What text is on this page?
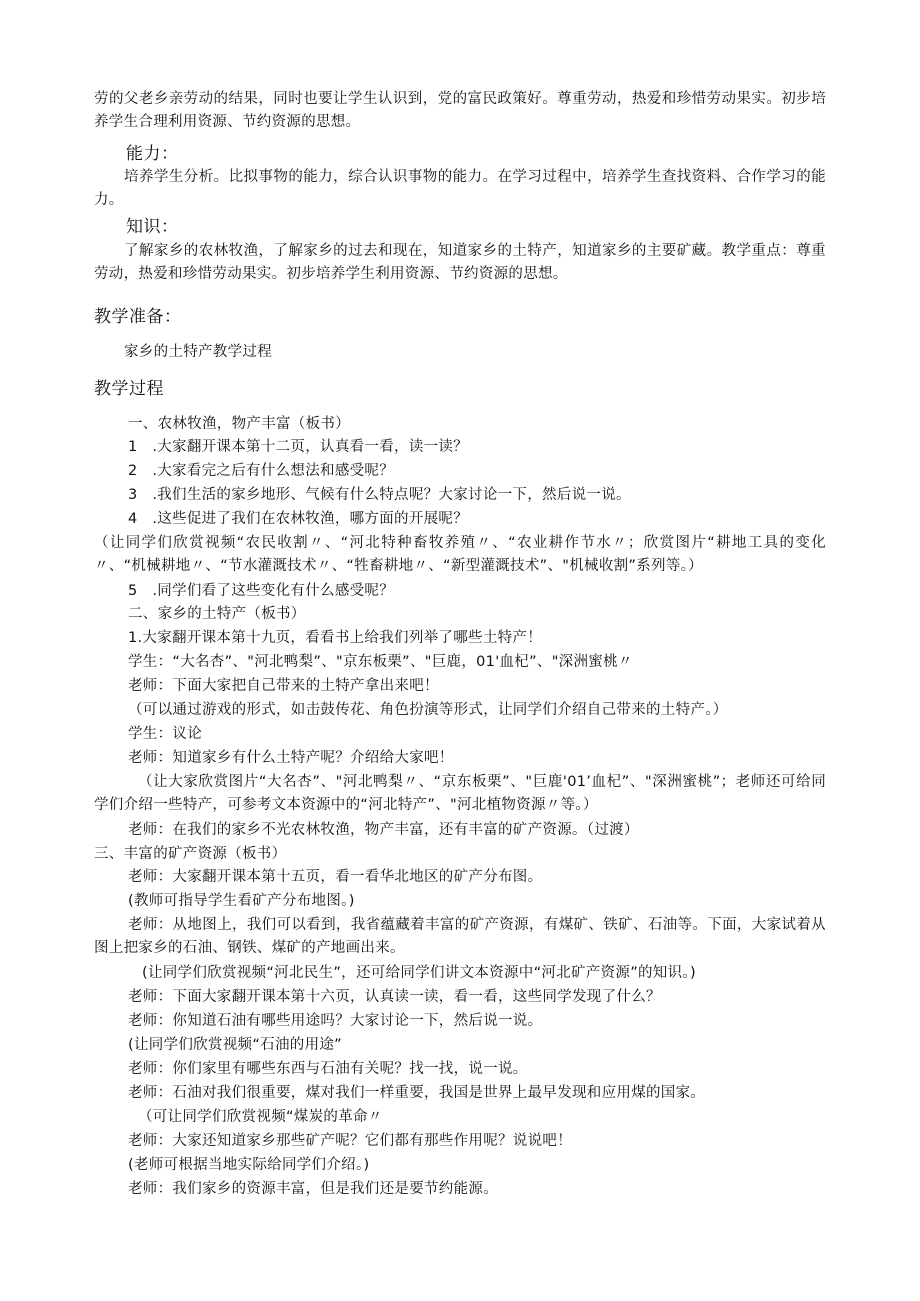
劳的父老乡亲劳动的结果，同时也要让学生认识到，党的富民政策好。尊重劳动，热爱和珍惜劳动果实。初步培养学生合理利用资源、节约资源的思想。

能力：

培养学生分析。比拟事物的能力，综合认识事物的能力。在学习过程中，培养学生查找资料、合作学习的能力。

知识：

了解家乡的农林牧渔，了解家乡的过去和现在，知道家乡的土特产，知道家乡的主要矿藏。教学重点：尊重劳动，热爱和珍惜劳动果实。初步培养学生利用资源、节约资源的思想。

教学准备：

家乡的土特产教学过程

教学过程

一、农林牧渔，物产丰富（板书）

1　.大家翻开课本第十二页，认真看一看，读一读？

2　.大家看完之后有什么想法和感受呢？

3　.我们生活的家乡地形、气候有什么特点呢？大家讨论一下，然后说一说。

4　.这些促进了我们在农林牧渔，哪方面的开展呢？

（让同学们欣赏视频“农民收割〃、“河北特种畜牧养殖〃、“农业耕作节水〃；欣赏图片“耕地工具的变化〃、“机械耕地〃、“节水灌溉技术〃、“牲畜耕地〃、“新型灌溉技术”、"机械收割”系列等。）

5　.同学们看了这些变化有什么感受呢？

二、家乡的土特产（板书）

1.大家翻开课本第十九页，看看书上给我们列举了哪些土特产！

学生：“大名杏”、"河北鸭梨”、"京东板栗”、"巨鹿，01'血杞”、"深洲蜜桃〃

老师：下面大家把自己带来的土特产拿出来吧！

（可以通过游戏的形式，如击鼓传花、角色扮演等形式，让同学们介绍自己带来的土特产。）

学生：议论

老师：知道家乡有什么土特产呢？介绍给大家吧！

（让大家欣赏图片“大名杏”、"河北鸭梨〃、“京东板栗”、"巨鹿'01’血杞”、"深洲蜜桃”；老师还可给同学们介绍一些特产，可参考文本资源中的“河北特产”、"河北植物资源〃等。）

老师：在我们的家乡不光农林牧渔，物产丰富，还有丰富的矿产资源。（过渡）

三、丰富的矿产资源（板书）

老师：大家翻开课本第十五页，看一看华北地区的矿产分布图。

(教师可指导学生看矿产分布地图。)

老师：从地图上，我们可以看到，我省蕴藏着丰富的矿产资源，有煤矿、铁矿、石油等。下面，大家试着从图上把家乡的石油、钢铁、煤矿的产地画出来。

(让同学们欣赏视频“河北民生”，还可给同学们讲文本资源中“河北矿产资源”的知识。)

老师：下面大家翻开课本第十六页，认真读一读，看一看，这些同学发现了什么？

老师：你知道石油有哪些用途吗？大家讨论一下，然后说一说。

(让同学们欣赏视频“石油的用途”

老师：你们家里有哪些东西与石油有关呢？找一找，说一说。

老师：石油对我们很重要，煤对我们一样重要，我国是世界上最早发现和应用煤的国家。

（可让同学们欣赏视频“煤炭的革命〃

老师：大家还知道家乡那些矿产呢？它们都有那些作用呢？说说吧！

(老师可根据当地实际给同学们介绍。)

老师：我们家乡的资源丰富，但是我们还是要节约能源。
